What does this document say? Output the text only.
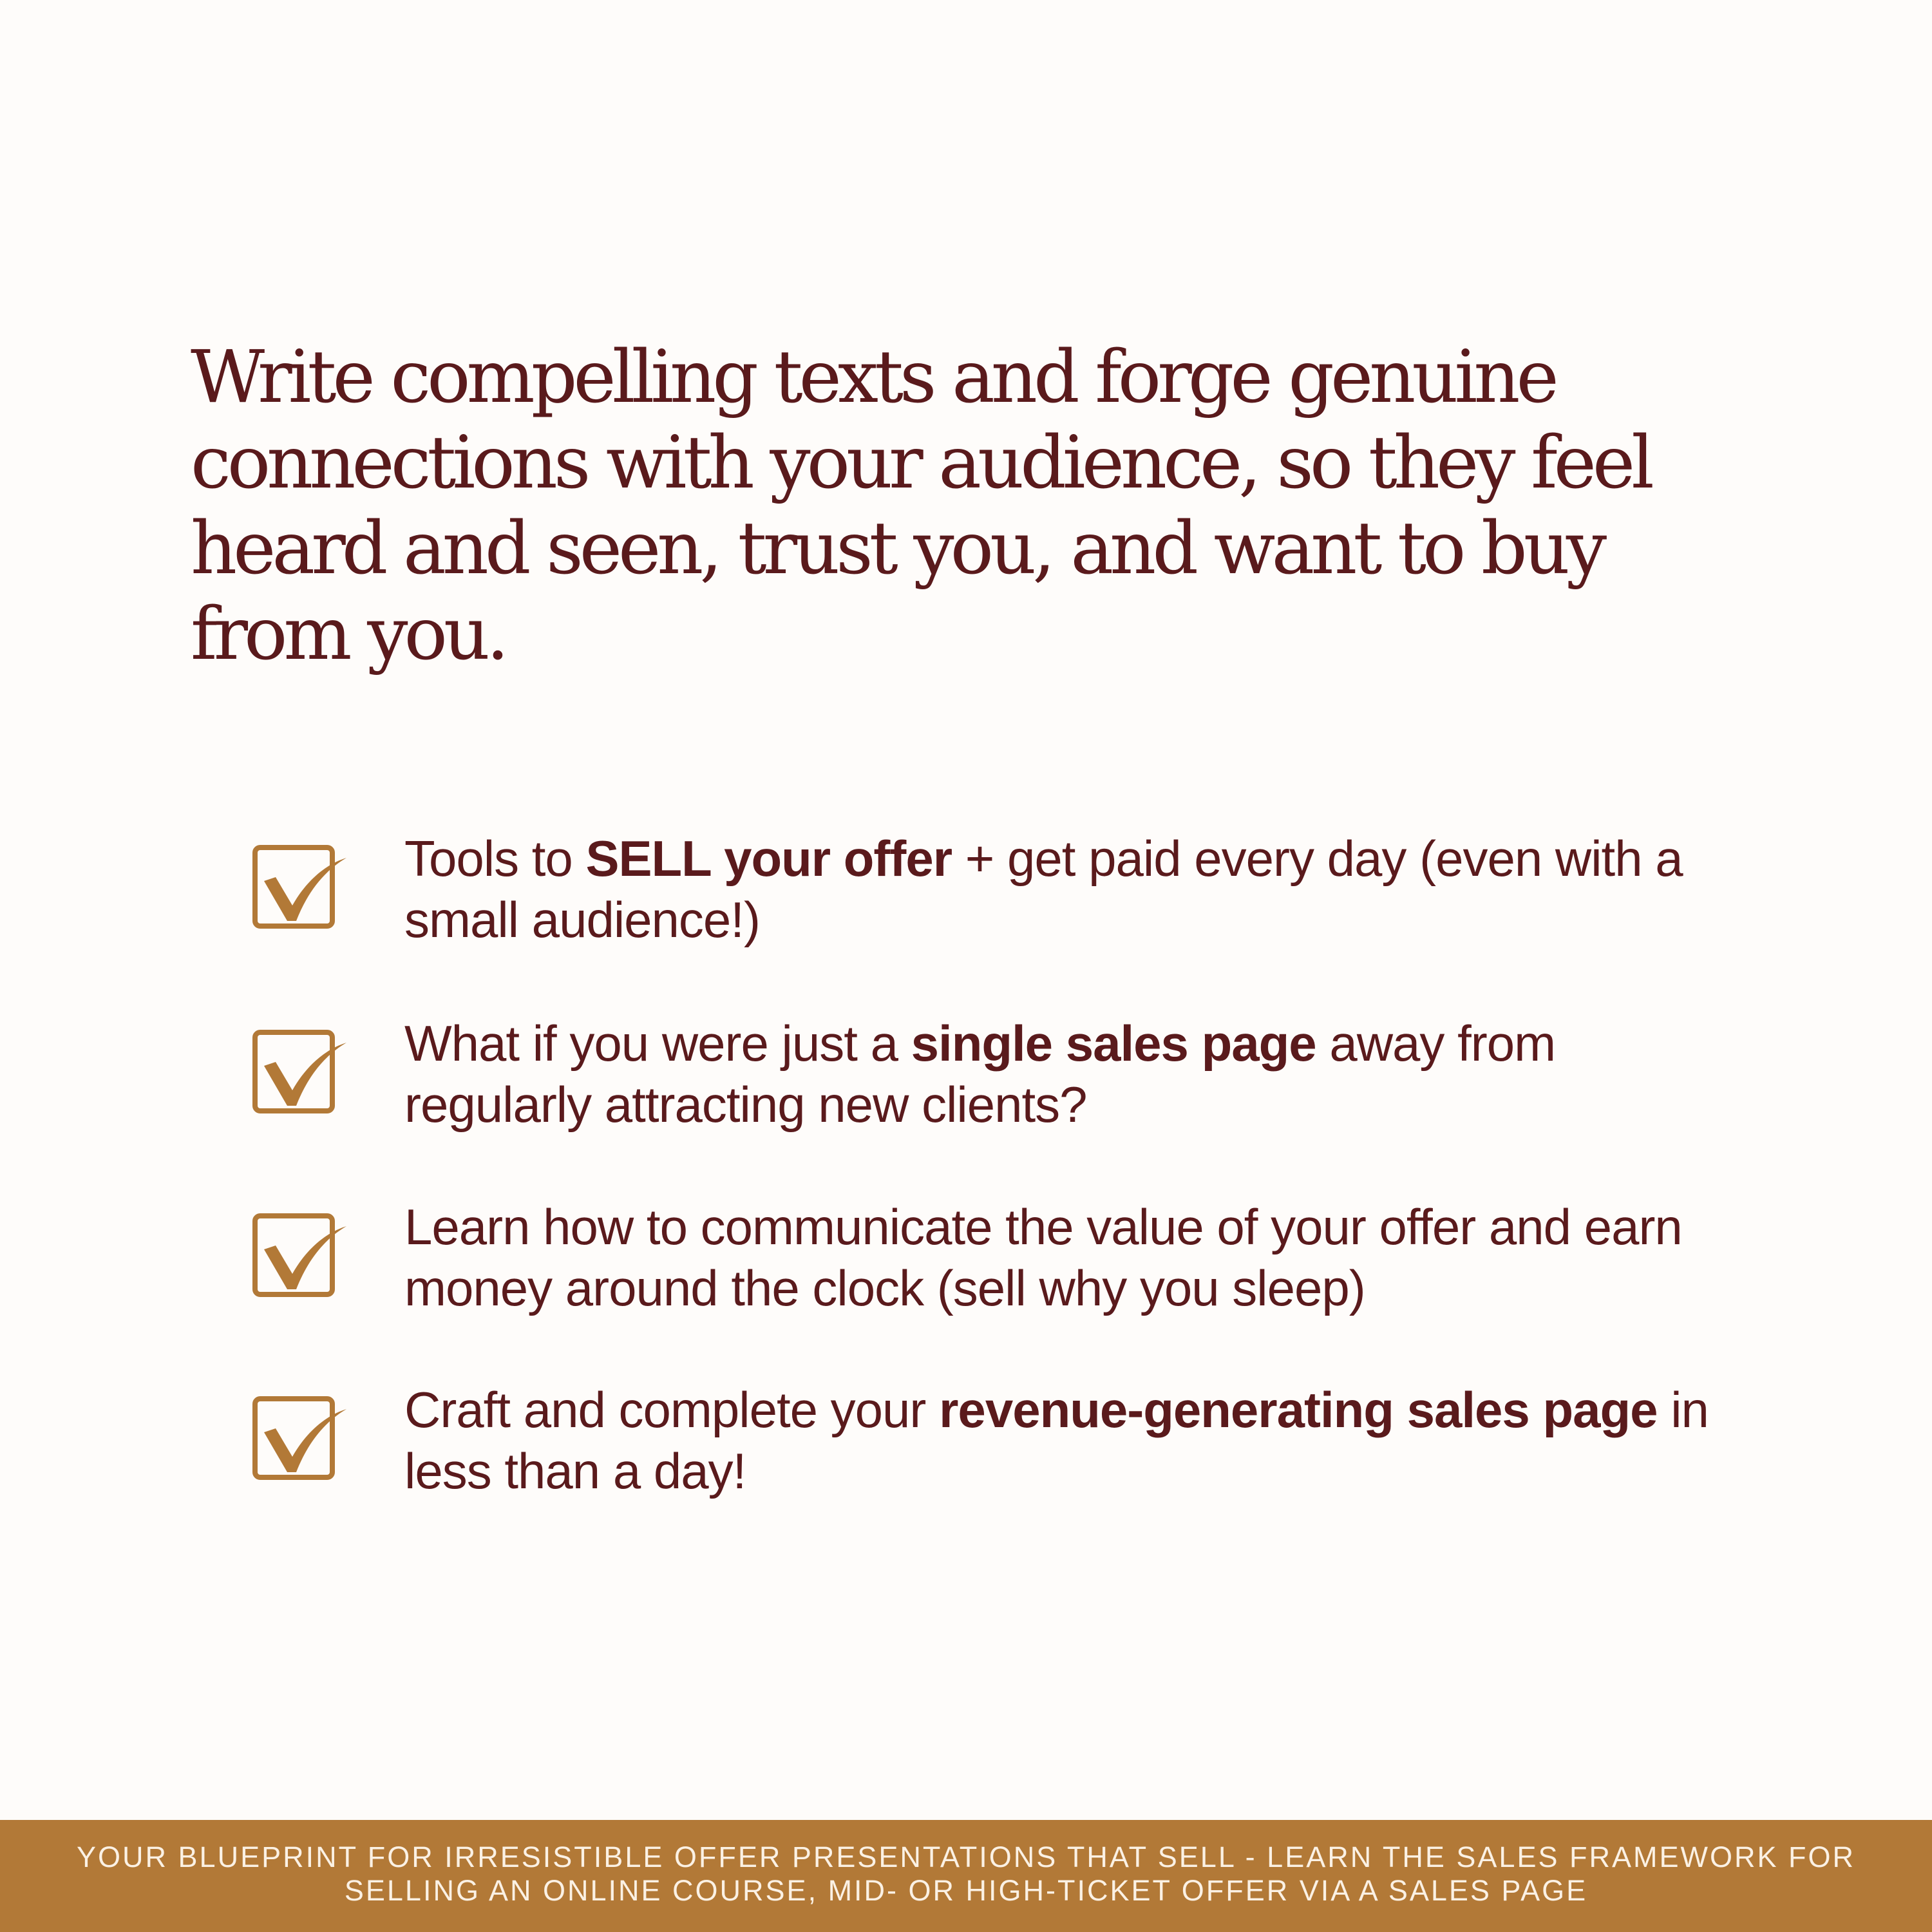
Write compelling texts and forge genuine connections with your audience, so they feel heard and seen, trust you, and want to buy from you.

Tools to SELL your offer + get paid every day (even with a small audience!)

What if you were just a single sales page away from regularly attracting new clients?

Learn how to communicate the value of your offer and earn money around the clock (sell why you sleep)

Craft and complete your revenue-generating sales page in less than a day!

YOUR BLUEPRINT FOR IRRESISTIBLE OFFER PRESENTATIONS THAT SELL - LEARN THE SALES FRAMEWORK FOR SELLING AN ONLINE COURSE, MID- OR HIGH-TICKET OFFER VIA A SALES PAGE
